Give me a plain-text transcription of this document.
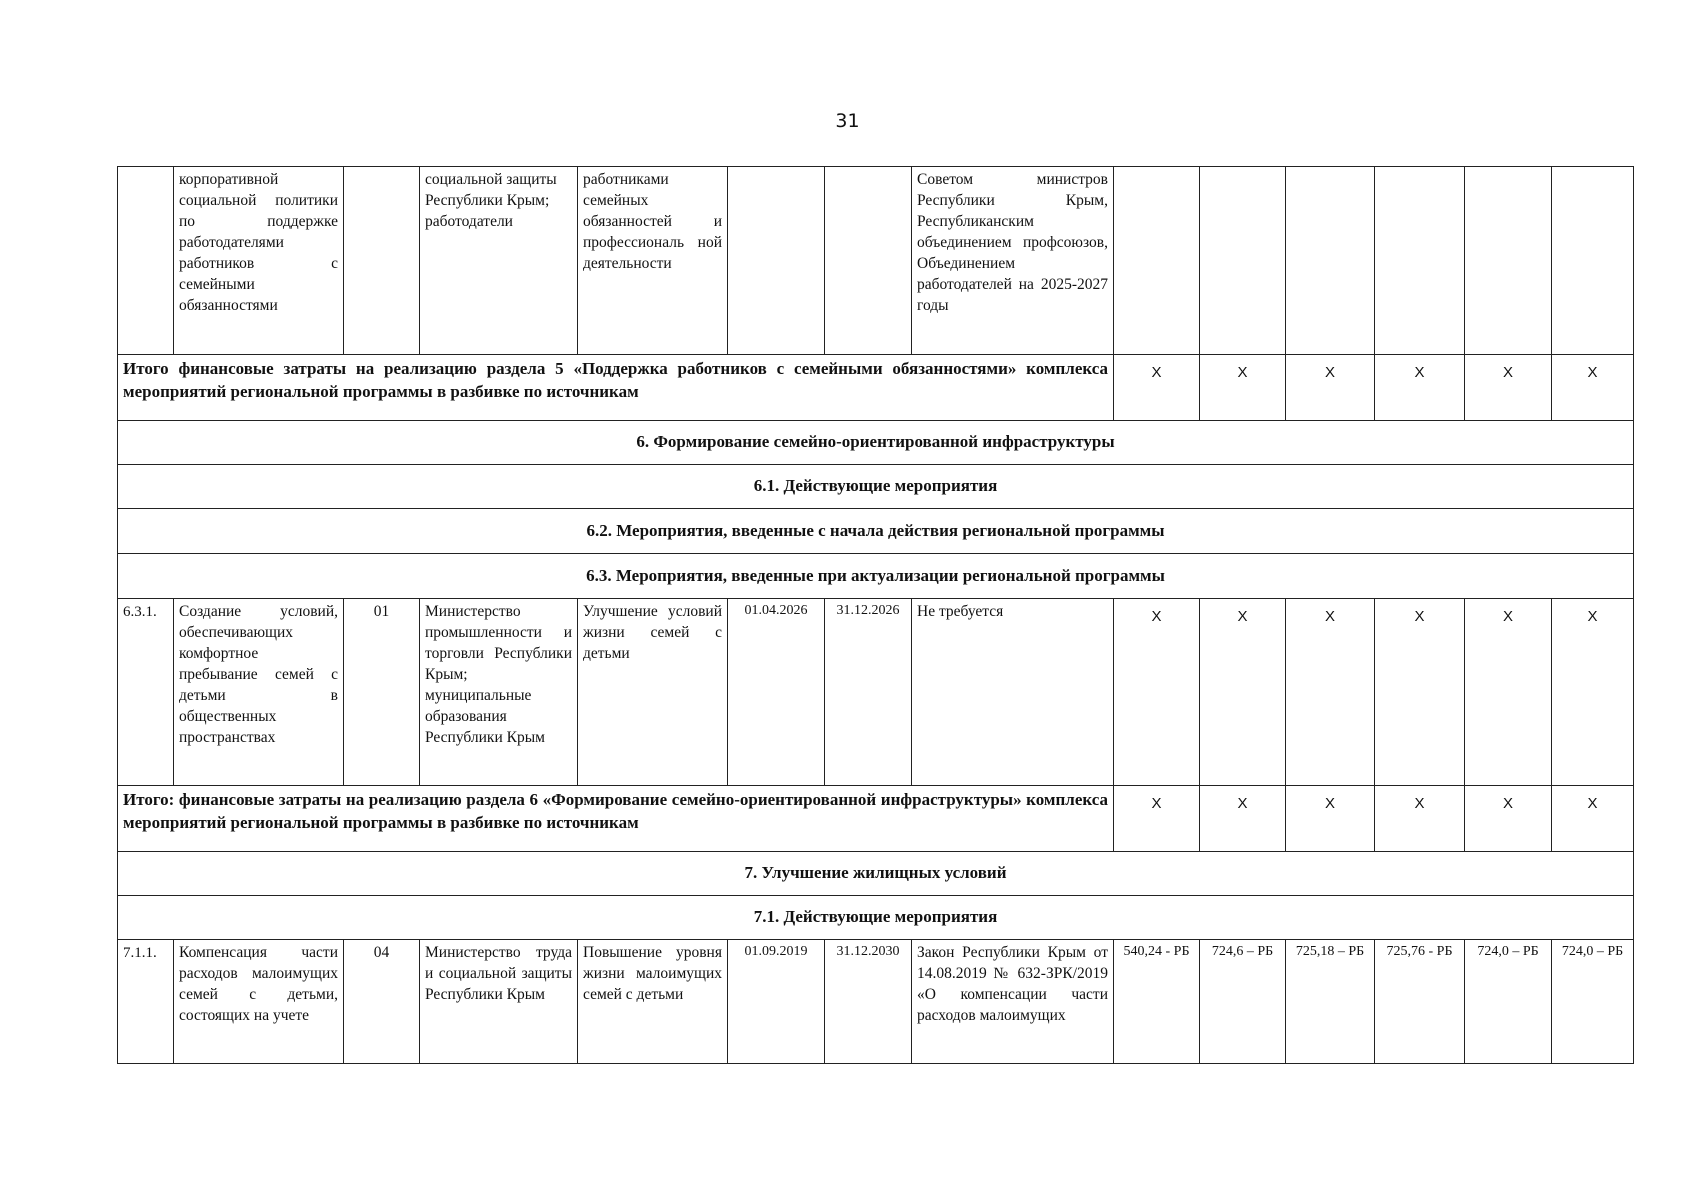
31
	корпоративной социальной политики по поддержке работодателями работников с семейными обязанностями		социальной защиты Республики Крым; работодатели	работниками семейных обязанностей и профессиональ ной деятельности			Советом министров Республики Крым, Республиканским объединением профсоюзов, Объединением работодателей на 2025-2027 годы						
Итого финансовые затраты на реализацию раздела 5 «Поддержка работников с семейными обязанностями» комплекса мероприятий региональной программы в разбивке по источникам								Х	Х	Х	Х	Х	Х
6. Формирование семейно-ориентированной инфраструктуры													
6.1. Действующие мероприятия													
6.2. Мероприятия, введенные с начала действия региональной программы													
6.3. Мероприятия, введенные при актуализации региональной программы													
6.3.1.	Создание условий, обеспечивающих комфортное пребывание семей с детьми в общественных пространствах	01	Министерство промышленности и торговли Республики Крым; муниципальные образования Республики Крым	Улучшение условий жизни семей с детьми	01.04.2026	31.12.2026	Не требуется	Х	Х	Х	Х	Х	Х
Итого: финансовые затраты на реализацию раздела 6 «Формирование семейно-ориентированной инфраструктуры» комплекса мероприятий региональной программы в разбивке по источникам								Х	Х	Х	Х	Х	Х
7. Улучшение жилищных условий													
7.1. Действующие мероприятия													
7.1.1.	Компенсация части расходов малоимущих семей с детьми, состоящих на учете	04	Министерство труда и социальной защиты Республики Крым	Повышение уровня жизни малоимущих семей с детьми	01.09.2019	31.12.2030	Закон Республики Крым от 14.08.2019 № 632-ЗРК/2019 «О компенсации части расходов малоимущих	540,24 - РБ	724,6 – РБ	725,18 – РБ	725,76 - РБ	724,0 – РБ	724,0 – РБ
